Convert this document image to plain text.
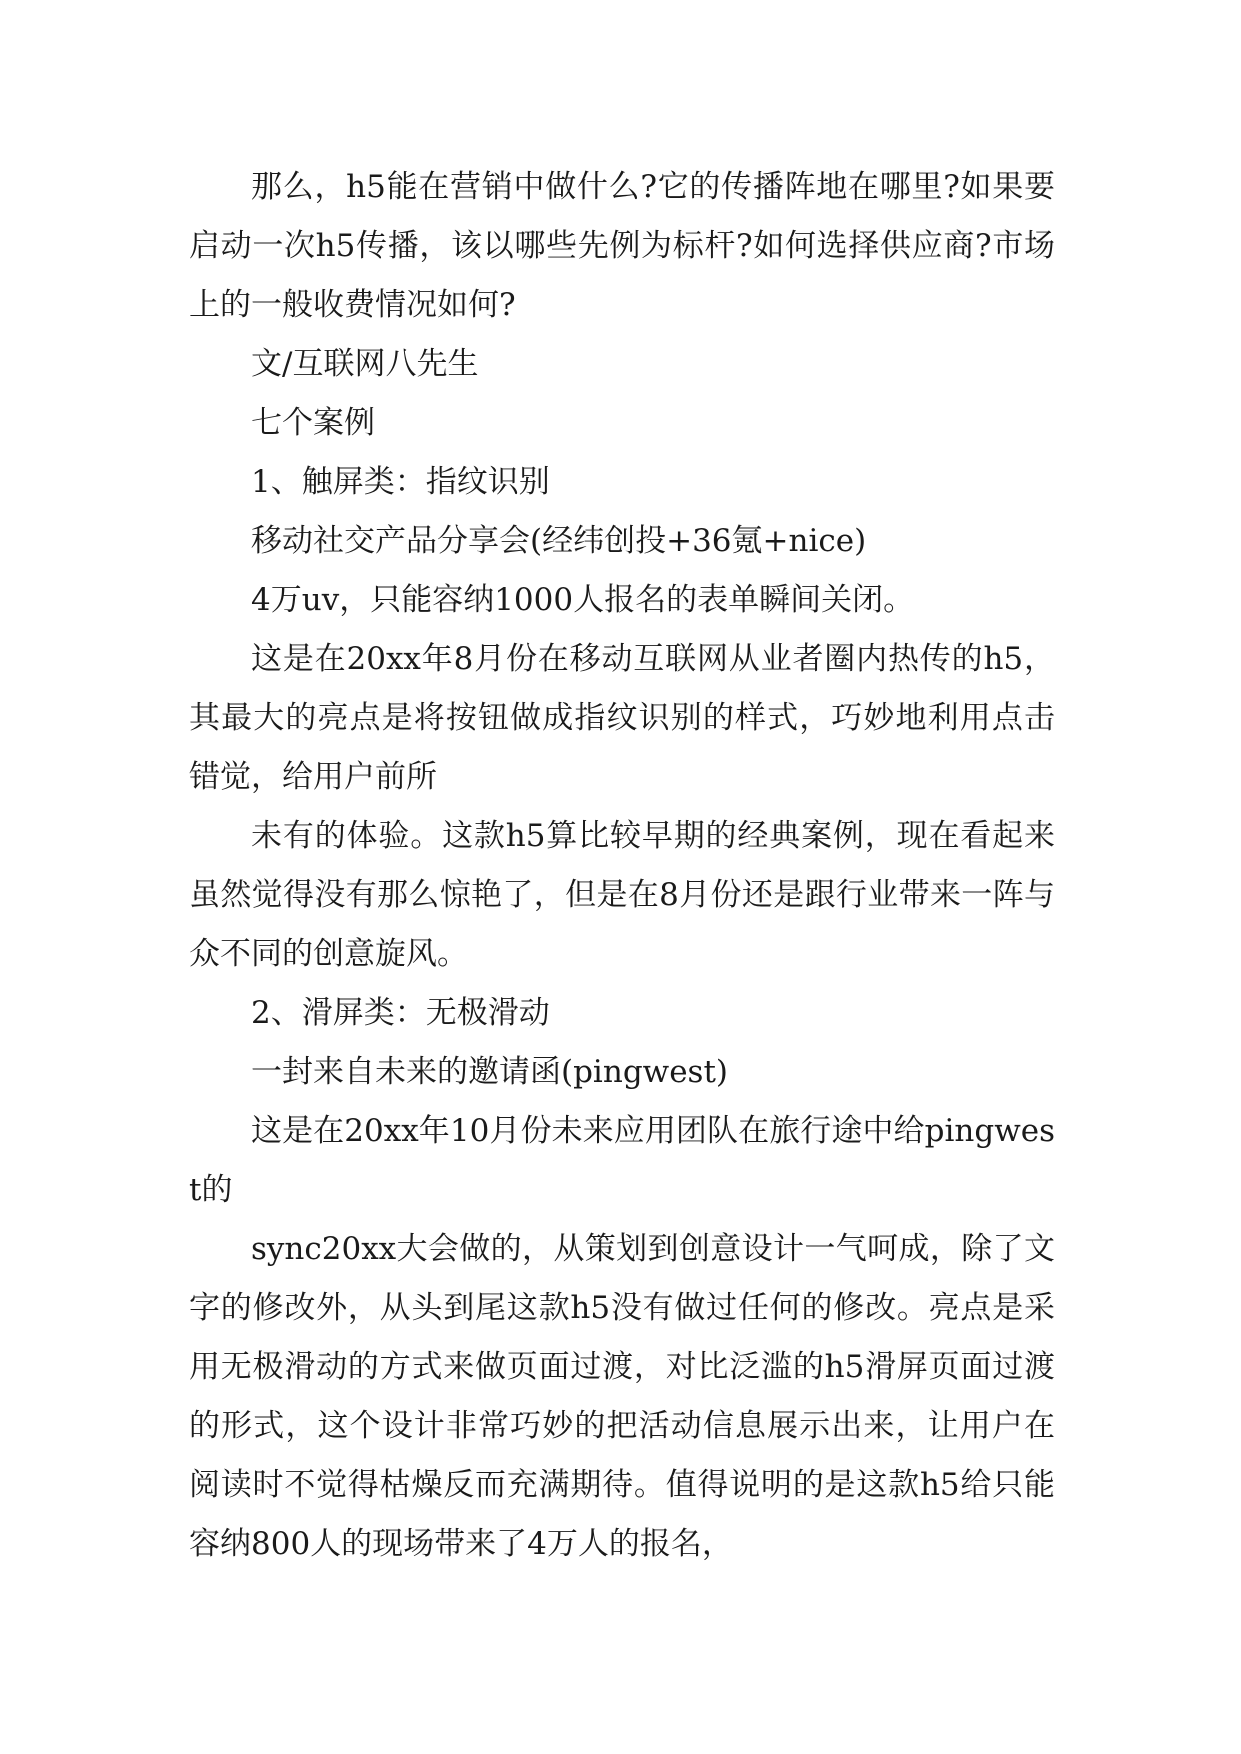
那么，h5能在营销中做什么?它的传播阵地在哪里?如果要启动一次h5传播，该以哪些先例为标杆?如何选择供应商?市场上的一般收费情况如何?

文/互联网八先生

七个案例

1、触屏类：指纹识别

移动社交产品分享会(经纬创投+36氪+nice)

4万uv，只能容纳1000人报名的表单瞬间关闭。

这是在20xx年8月份在移动互联网从业者圈内热传的h5，其最大的亮点是将按钮做成指纹识别的样式，巧妙地利用点击错觉，给用户前所

未有的体验。这款h5算比较早期的经典案例，现在看起来虽然觉得没有那么惊艳了，但是在8月份还是跟行业带来一阵与众不同的创意旋风。

2、滑屏类：无极滑动

一封来自未来的邀请函(pingwest)

这是在20xx年10月份未来应用团队在旅行途中给pingwest的

sync20xx大会做的，从策划到创意设计一气呵成，除了文字的修改外，从头到尾这款h5没有做过任何的修改。亮点是采用无极滑动的方式来做页面过渡，对比泛滥的h5滑屏页面过渡的形式，这个设计非常巧妙的把活动信息展示出来，让用户在阅读时不觉得枯燥反而充满期待。值得说明的是这款h5给只能容纳800人的现场带来了4万人的报名，
